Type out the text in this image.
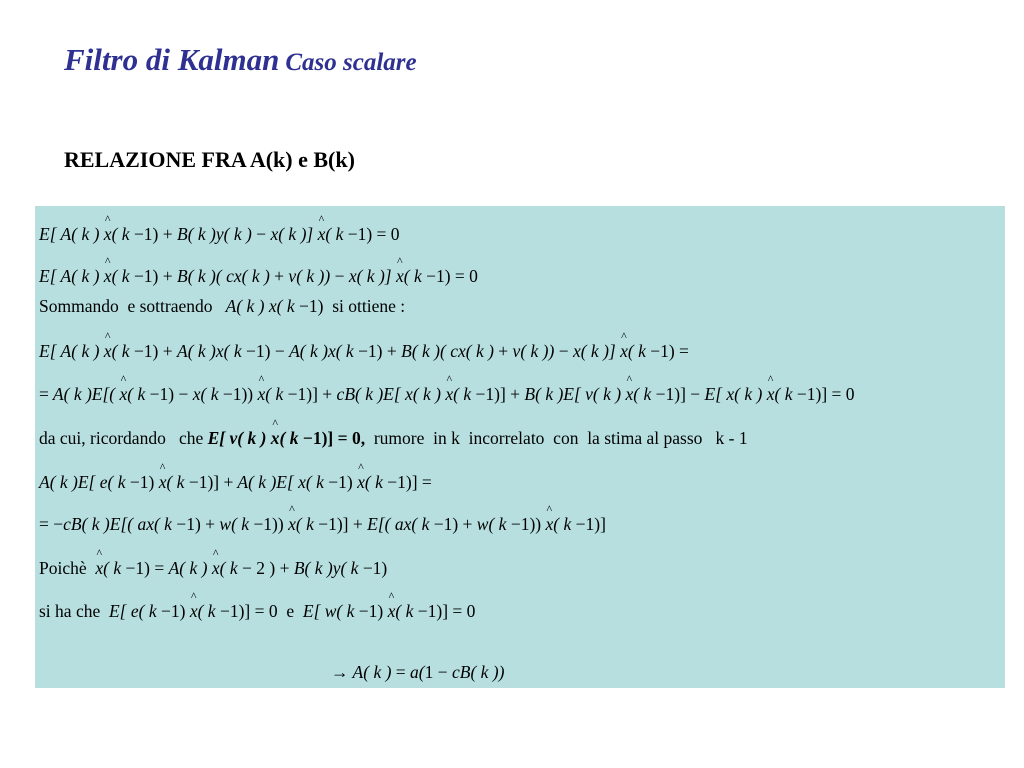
Filtro di Kalman Caso scalare
RELAZIONE FRA A(k) e B(k)
E[ A( k ) ^ x( k −1) + B( k )y( k ) − x( k )] ^ x( k −1) = 0
E[ A( k ) ^ x( k −1) + B( k )( cx( k ) + v( k )) − x( k )] ^ x( k −1) = 0
Sommando  e sottraendo   A( k ) x( k −1)  si ottiene :
E[ A( k ) ^ x( k −1) + A( k )x( k −1) − A( k )x( k −1) + B( k )( cx( k ) + v( k )) − x( k )] ^ x( k −1) =
= A( k )E[( ^ x( k −1) − x( k −1)) ^ x( k −1)] + cB( k )E[ x( k ) ^ x( k −1)] + B( k )E[ v( k ) ^ x( k −1)] − E[ x( k ) ^ x( k −1)] = 0
da cui, ricordando   che E[ v( k ) ^ x( k −1)] = 0,  rumore  in k  incorrelato  con  la stima al passo   k - 1
A( k )E[ e( k −1) ^ x( k −1)] + A( k )E[ x( k −1) ^ x( k −1)] =
= −cB( k )E[( ax( k −1) + w( k −1)) ^ x( k −1)] + E[( ax( k −1) + w( k −1)) ^ x( k −1)]
Poichè  ^ x( k −1) = A( k ) ^ x( k − 2 ) + B( k )y( k −1)
si ha che  E[ e( k −1) ^ x( k −1)] = 0  e  E[ w( k −1) ^ x( k −1)] = 0
→ A( k ) = a(1 − cB( k ))
